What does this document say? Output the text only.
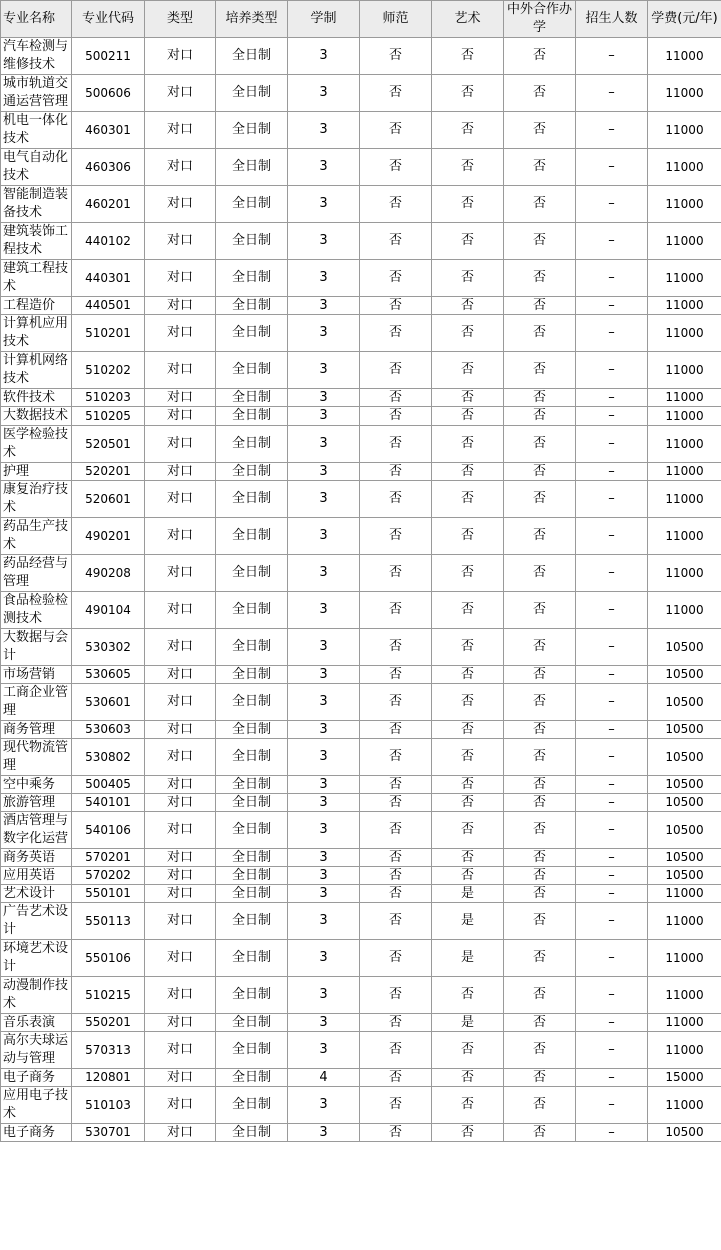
专业名称	专业代码	类型	培养类型	学制	师范	艺术	中外合作办学	招生人数	学费(元/年)
汽车检测与维修技术	500211	对口	全日制	3	否	否	否	–	11000
城市轨道交通运营管理	500606	对口	全日制	3	否	否	否	–	11000
机电一体化技术	460301	对口	全日制	3	否	否	否	–	11000
电气自动化技术	460306	对口	全日制	3	否	否	否	–	11000
智能制造装备技术	460201	对口	全日制	3	否	否	否	–	11000
建筑装饰工程技术	440102	对口	全日制	3	否	否	否	–	11000
建筑工程技术	440301	对口	全日制	3	否	否	否	–	11000
工程造价	440501	对口	全日制	3	否	否	否	–	11000
计算机应用技术	510201	对口	全日制	3	否	否	否	–	11000
计算机网络技术	510202	对口	全日制	3	否	否	否	–	11000
软件技术	510203	对口	全日制	3	否	否	否	–	11000
大数据技术	510205	对口	全日制	3	否	否	否	–	11000
医学检验技术	520501	对口	全日制	3	否	否	否	–	11000
护理	520201	对口	全日制	3	否	否	否	–	11000
康复治疗技术	520601	对口	全日制	3	否	否	否	–	11000
药品生产技术	490201	对口	全日制	3	否	否	否	–	11000
药品经营与管理	490208	对口	全日制	3	否	否	否	–	11000
食品检验检测技术	490104	对口	全日制	3	否	否	否	–	11000
大数据与会计	530302	对口	全日制	3	否	否	否	–	10500
市场营销	530605	对口	全日制	3	否	否	否	–	10500
工商企业管理	530601	对口	全日制	3	否	否	否	–	10500
商务管理	530603	对口	全日制	3	否	否	否	–	10500
现代物流管理	530802	对口	全日制	3	否	否	否	–	10500
空中乘务	500405	对口	全日制	3	否	否	否	–	10500
旅游管理	540101	对口	全日制	3	否	否	否	–	10500
酒店管理与数字化运营	540106	对口	全日制	3	否	否	否	–	10500
商务英语	570201	对口	全日制	3	否	否	否	–	10500
应用英语	570202	对口	全日制	3	否	否	否	–	10500
艺术设计	550101	对口	全日制	3	否	是	否	–	11000
广告艺术设计	550113	对口	全日制	3	否	是	否	–	11000
环境艺术设计	550106	对口	全日制	3	否	是	否	–	11000
动漫制作技术	510215	对口	全日制	3	否	否	否	–	11000
音乐表演	550201	对口	全日制	3	否	是	否	–	11000
高尔夫球运动与管理	570313	对口	全日制	3	否	否	否	–	11000
电子商务	120801	对口	全日制	4	否	否	否	–	15000
应用电子技术	510103	对口	全日制	3	否	否	否	–	11000
电子商务	530701	对口	全日制	3	否	否	否	–	10500
